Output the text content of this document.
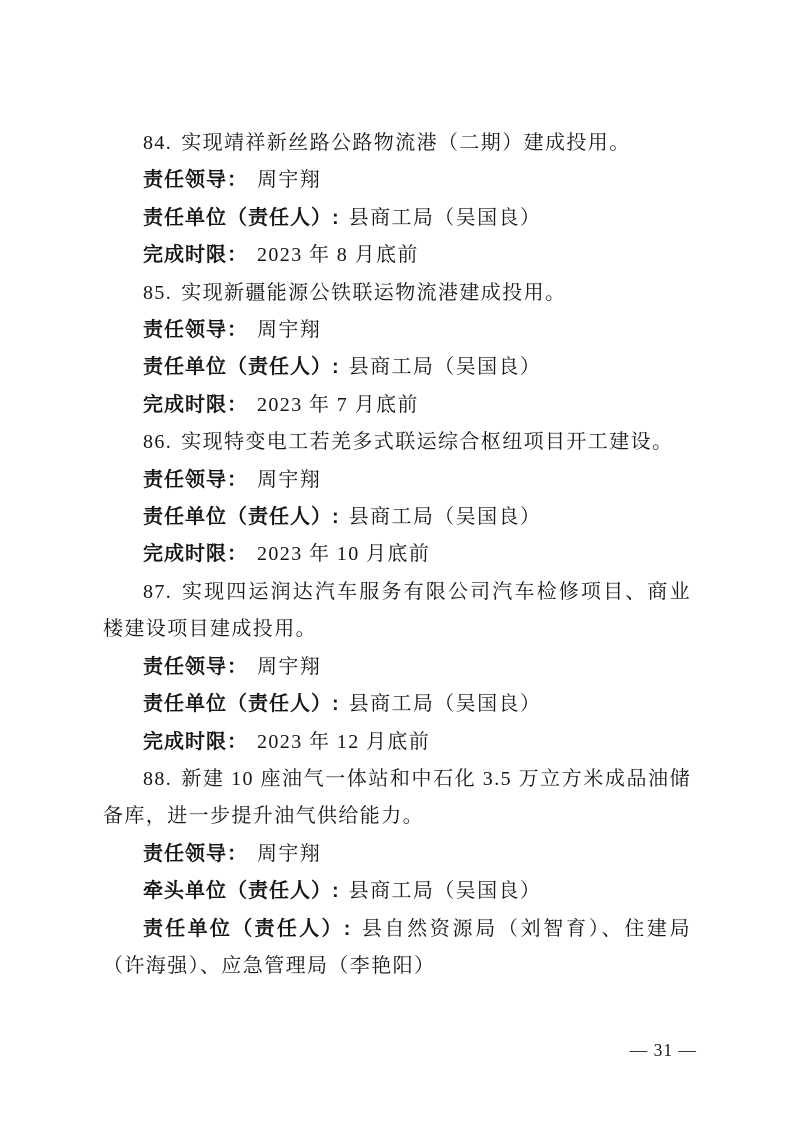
84. 实现靖祥新丝路公路物流港（二期）建成投用。

责任领导： 周宇翔

责任单位（责任人）: 县商工局（吴国良）

完成时限： 2023 年 8 月底前

85. 实现新疆能源公铁联运物流港建成投用。

责任领导： 周宇翔

责任单位（责任人）: 县商工局（吴国良）

完成时限： 2023 年 7 月底前

86. 实现特变电工若羌多式联运综合枢纽项目开工建设。

责任领导： 周宇翔

责任单位（责任人）: 县商工局（吴国良）

完成时限： 2023 年 10 月底前

87. 实现四运润达汽车服务有限公司汽车检修项目、商业楼建设项目建成投用。

责任领导： 周宇翔

责任单位（责任人）: 县商工局（吴国良）

完成时限： 2023 年 12 月底前

88. 新建 10 座油气一体站和中石化 3.5 万立方米成品油储备库，进一步提升油气供给能力。

责任领导： 周宇翔

牵头单位（责任人）: 县商工局（吴国良）

责任单位（责任人）: 县自然资源局（刘智育）、住建局（许海强）、应急管理局（李艳阳）

— 31 —
